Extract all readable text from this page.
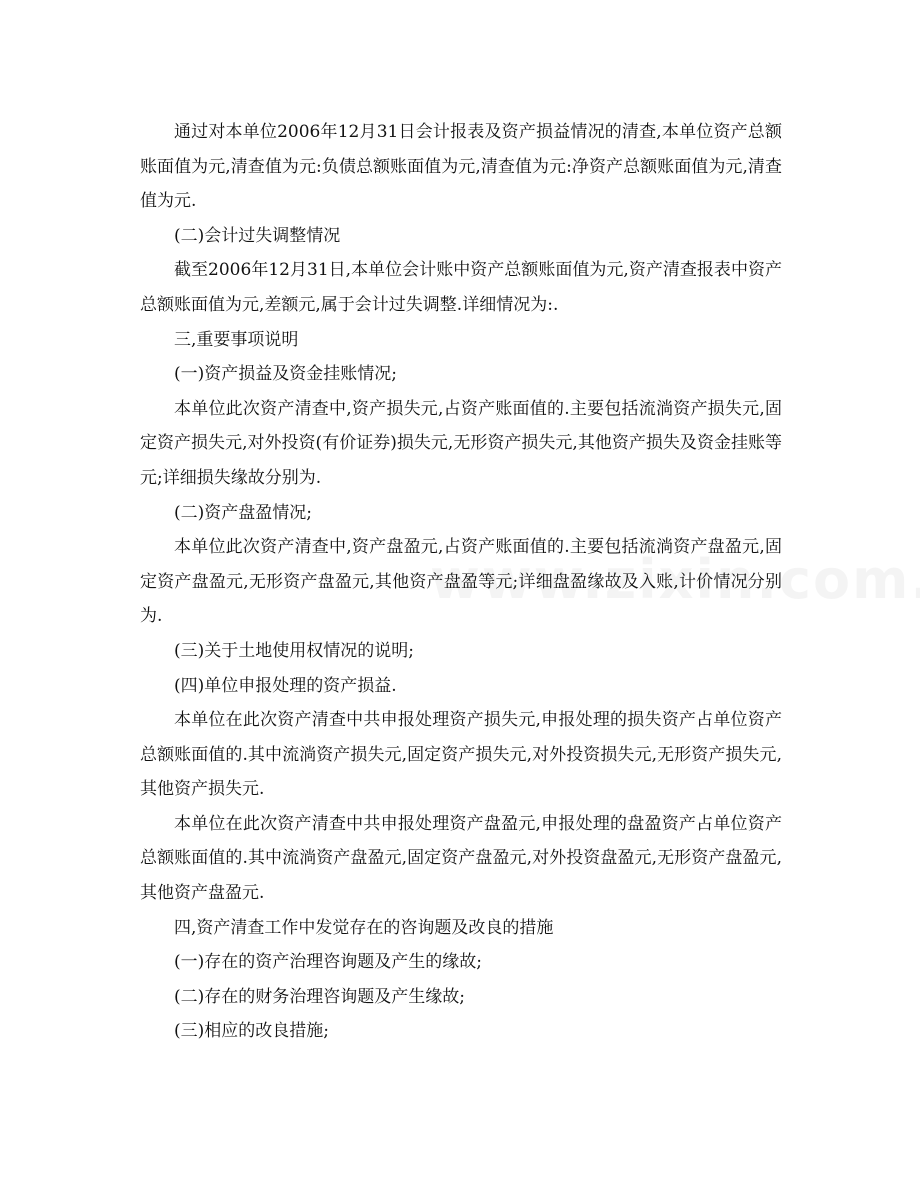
通过对本单位2006年12月31日会计报表及资产损益情况的清查,本单位资产总额账面值为元,清查值为元:负债总额账面值为元,清查值为元:净资产总额账面值为元,清查值为元.

(二)会计过失调整情况

截至2006年12月31日,本单位会计账中资产总额账面值为元,资产清查报表中资产总额账面值为元,差额元,属于会计过失调整.详细情况为:.

三,重要事项说明

(一)资产损益及资金挂账情况;

本单位此次资产清查中,资产损失元,占资产账面值的.主要包括流淌资产损失元,固定资产损失元,对外投资(有价证券)损失元,无形资产损失元,其他资产损失及资金挂账等元;详细损失缘故分别为.

(二)资产盘盈情况;

本单位此次资产清查中,资产盘盈元,占资产账面值的.主要包括流淌资产盘盈元,固定资产盘盈元,无形资产盘盈元,其他资产盘盈等元;详细盘盈缘故及入账,计价情况分别为.

(三)关于土地使用权情况的说明;

(四)单位申报处理的资产损益.

本单位在此次资产清查中共申报处理资产损失元,申报处理的损失资产占单位资产总额账面值的.其中流淌资产损失元,固定资产损失元,对外投资损失元,无形资产损失元,其他资产损失元.

本单位在此次资产清查中共申报处理资产盘盈元,申报处理的盘盈资产占单位资产总额账面值的.其中流淌资产盘盈元,固定资产盘盈元,对外投资盘盈元,无形资产盘盈元,其他资产盘盈元.

四,资产清查工作中发觉存在的咨询题及改良的措施

(一)存在的资产治理咨询题及产生的缘故;

(二)存在的财务治理咨询题及产生缘故;

(三)相应的改良措施;
